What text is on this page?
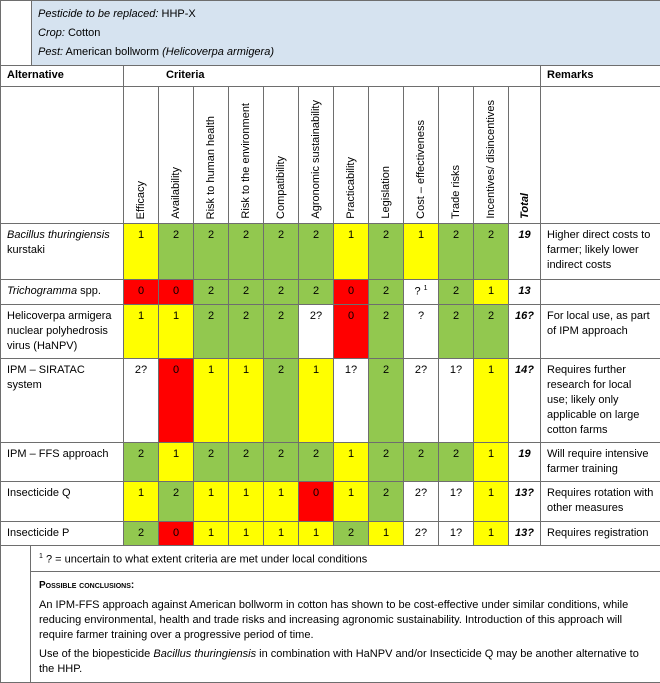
Pesticide to be replaced: HHP-X
Crop: Cotton
Pest: American bollworm (Helicoverpa armigera)														

Alternative		Criteria												Remarks

		Efficacy	Availability	Risk to human health	Risk to the environment	Compatibility	Agronomic sustainability	Practicability	Legislation	Cost – effectiveness	Trade risks	Incentives/ disincentives	Total	

Bacillus thuringiensis kurstaki		1	2	2	2	2	2	1	2	1	2	2	19	Higher direct costs to farmer; likely lower indirect costs
Trichogramma spp.		0	0	2	2	2	2	0	2	? $^1$	2	1	13	
Helicoverpa armigera nuclear polyhedrosis virus (HaNPV)		1	1	2	2	2	2?	0	2	?	2	2	16?	For local use, as part of IPM approach
IPM – SIRATAC system		2?	0	1	1	2	1	1?	2	2?	1?	1	14?	Requires further research for local use; likely only applicable on large cotton farms
IPM – FFS approach		2	1	2	2	2	2	1	2	2	2	1	19	Will require intensive farmer training
Insecticide Q		1	2	1	1	1	0	1	2	2?	1?	1	13?	Requires rotation with other measures
Insecticide P		2	0	1	1	1	1	2	1	2?	1?	1	13?	Requires registration
	$^1$ ? = uncertain to what extent criteria are met under local conditions													

	Possible conclusions:

An IPM-FFS approach against American bollworm in cotton has shown to be cost-effective under similar conditions, while reducing environmental, health and trade risks and increasing agronomic sustainability. Introduction of this approach will require farmer training over a progressive period of time.

Use of the biopesticide Bacillus thuringiensis in combination with HaNPV and/or Insecticide Q may be another alternative to the HHP.													
